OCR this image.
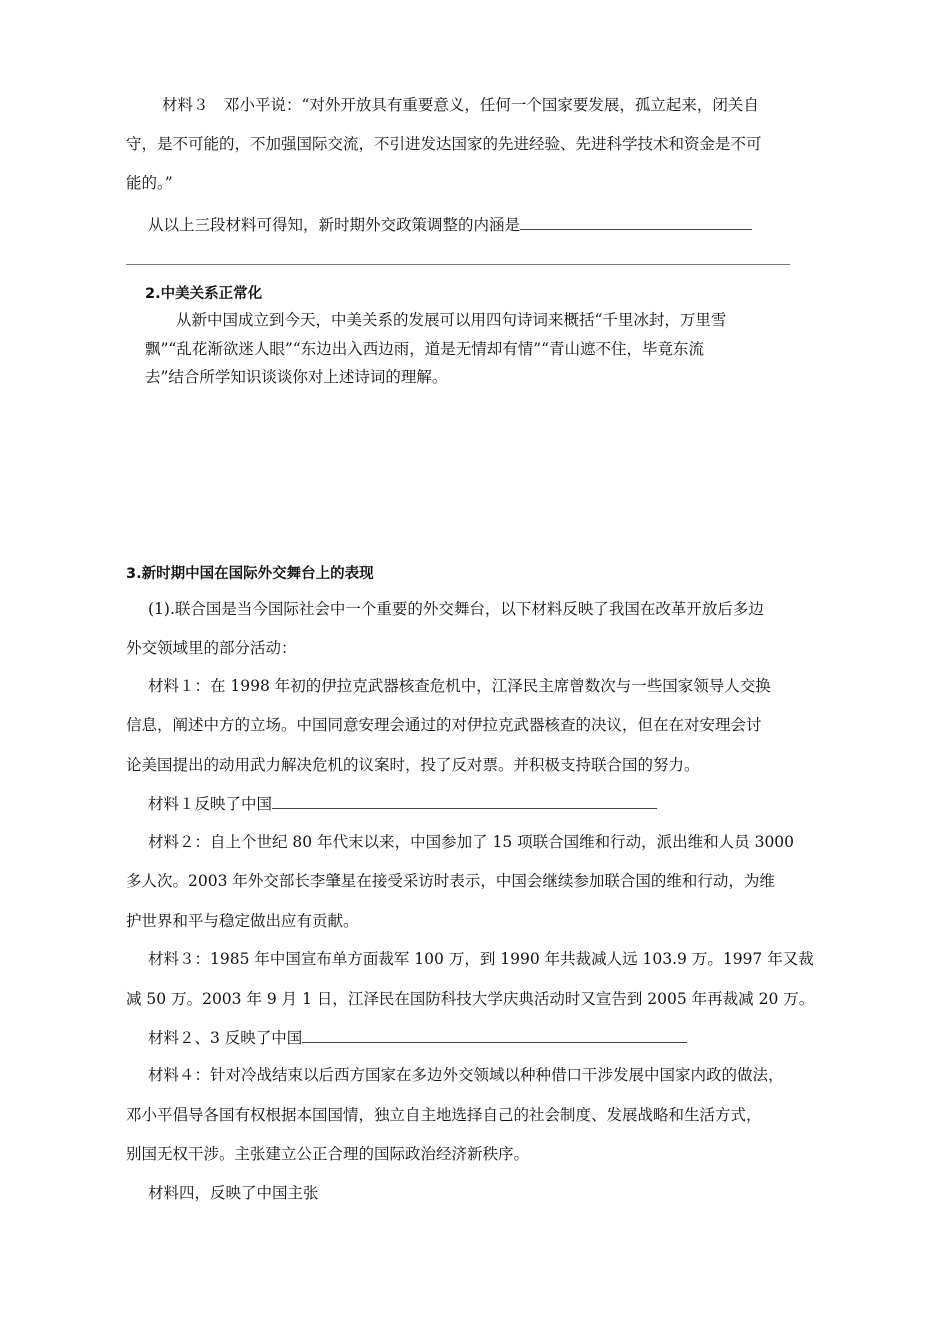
材料３　邓小平说：“对外开放具有重要意义，任何一个国家要发展，孤立起来，闭关自
守，是不可能的，不加强国际交流，不引进发达国家的先进经验、先进科学技术和资金是不可
能的。”
从以上三段材料可得知，新时期外交政策调整的内涵是
2.中美关系正常化
从新中国成立到今天，中美关系的发展可以用四句诗词来概括“千里冰封，万里雪
飘”“乱花渐欲迷人眼”“东边出入西边雨，道是无情却有情”“青山遮不住，毕竟东流
去”结合所学知识谈谈你对上述诗词的理解。
3.新时期中国在国际外交舞台上的表现
(1).联合国是当今国际社会中一个重要的外交舞台，以下材料反映了我国在改革开放后多边
外交领域里的部分活动：
材料１：在 1998 年初的伊拉克武器核查危机中，江泽民主席曾数次与一些国家领导人交换
信息，阐述中方的立场。中国同意安理会通过的对伊拉克武器核查的决议，但在在对安理会讨
论美国提出的动用武力解决危机的议案时，投了反对票。并积极支持联合国的努力。
材料１反映了中国
材料２：自上个世纪 80 年代末以来，中国参加了 15 项联合国维和行动，派出维和人员 3000
多人次。2003 年外交部长李肇星在接受采访时表示，中国会继续参加联合国的维和行动，为维
护世界和平与稳定做出应有贡献。
材料３：1985 年中国宣布单方面裁军 100 万，到 1990 年共裁减人远 103.9 万。1997 年又裁
减 50 万。2003 年 9 月 1 日，江泽民在国防科技大学庆典活动时又宣告到 2005 年再裁减 20 万。
材料２、3 反映了中国
材料４：针对冷战结束以后西方国家在多边外交领域以种种借口干涉发展中国家内政的做法，
邓小平倡导各国有权根据本国国情，独立自主地选择自己的社会制度、发展战略和生活方式，
别国无权干涉。主张建立公正合理的国际政治经济新秩序。
材料四，反映了中国主张
